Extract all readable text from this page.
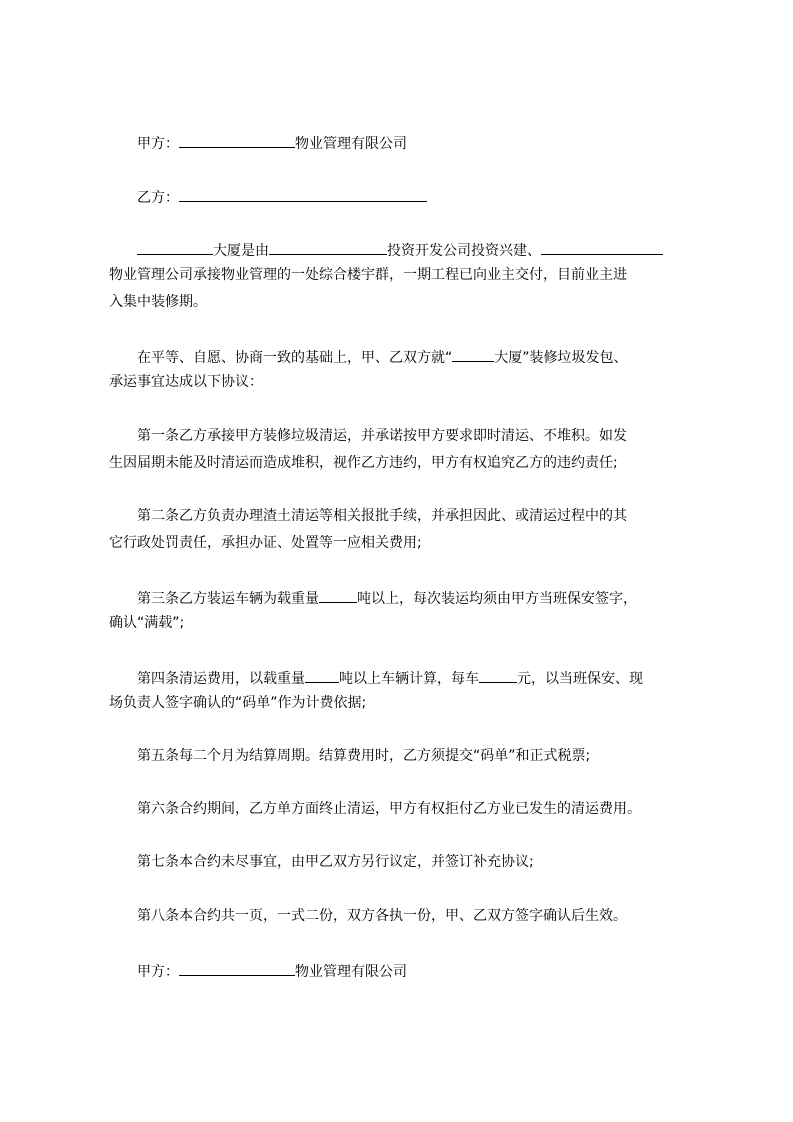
甲方：	物业管理有限公司
乙方：
大厦是由	投资开发公司投资兴建、
物业管理公司承接物业管理的一处综合楼宇群，一期工程已向业主交付，目前业主进
入集中装修期。
在平等、自愿、协商一致的基础上，甲、乙双方就“	大厦”装修垃圾发包、
承运事宜达成以下协议：
第一条乙方承接甲方装修垃圾清运，并承诺按甲方要求即时清运、不堆积。如发
生因届期未能及时清运而造成堆积，视作乙方违约，甲方有权追究乙方的违约责任;
第二条乙方负责办理渣土清运等相关报批手续，并承担因此、或清运过程中的其
它行政处罚责任，承担办证、处置等一应相关费用;
第三条乙方装运车辆为载重量	吨以上，每次装运均须由甲方当班保安签字，
确认“满载”;
第四条清运费用，以载重量 吨以上车辆计算，每车	元，以当班保安、现
场负责人签字确认的“码单”作为计费依据;
第五条每二个月为结算周期。结算费用时，乙方须提交“码单”和正式税票;
第六条合约期间，乙方单方面终止清运，甲方有权拒付乙方业已发生的清运费用。
第七条本合约未尽事宜，由甲乙双方另行议定，并签订补充协议;
第八条本合约共一页，一式二份，双方各执一份，甲、乙双方签字确认后生效。
甲方：	物业管理有限公司
